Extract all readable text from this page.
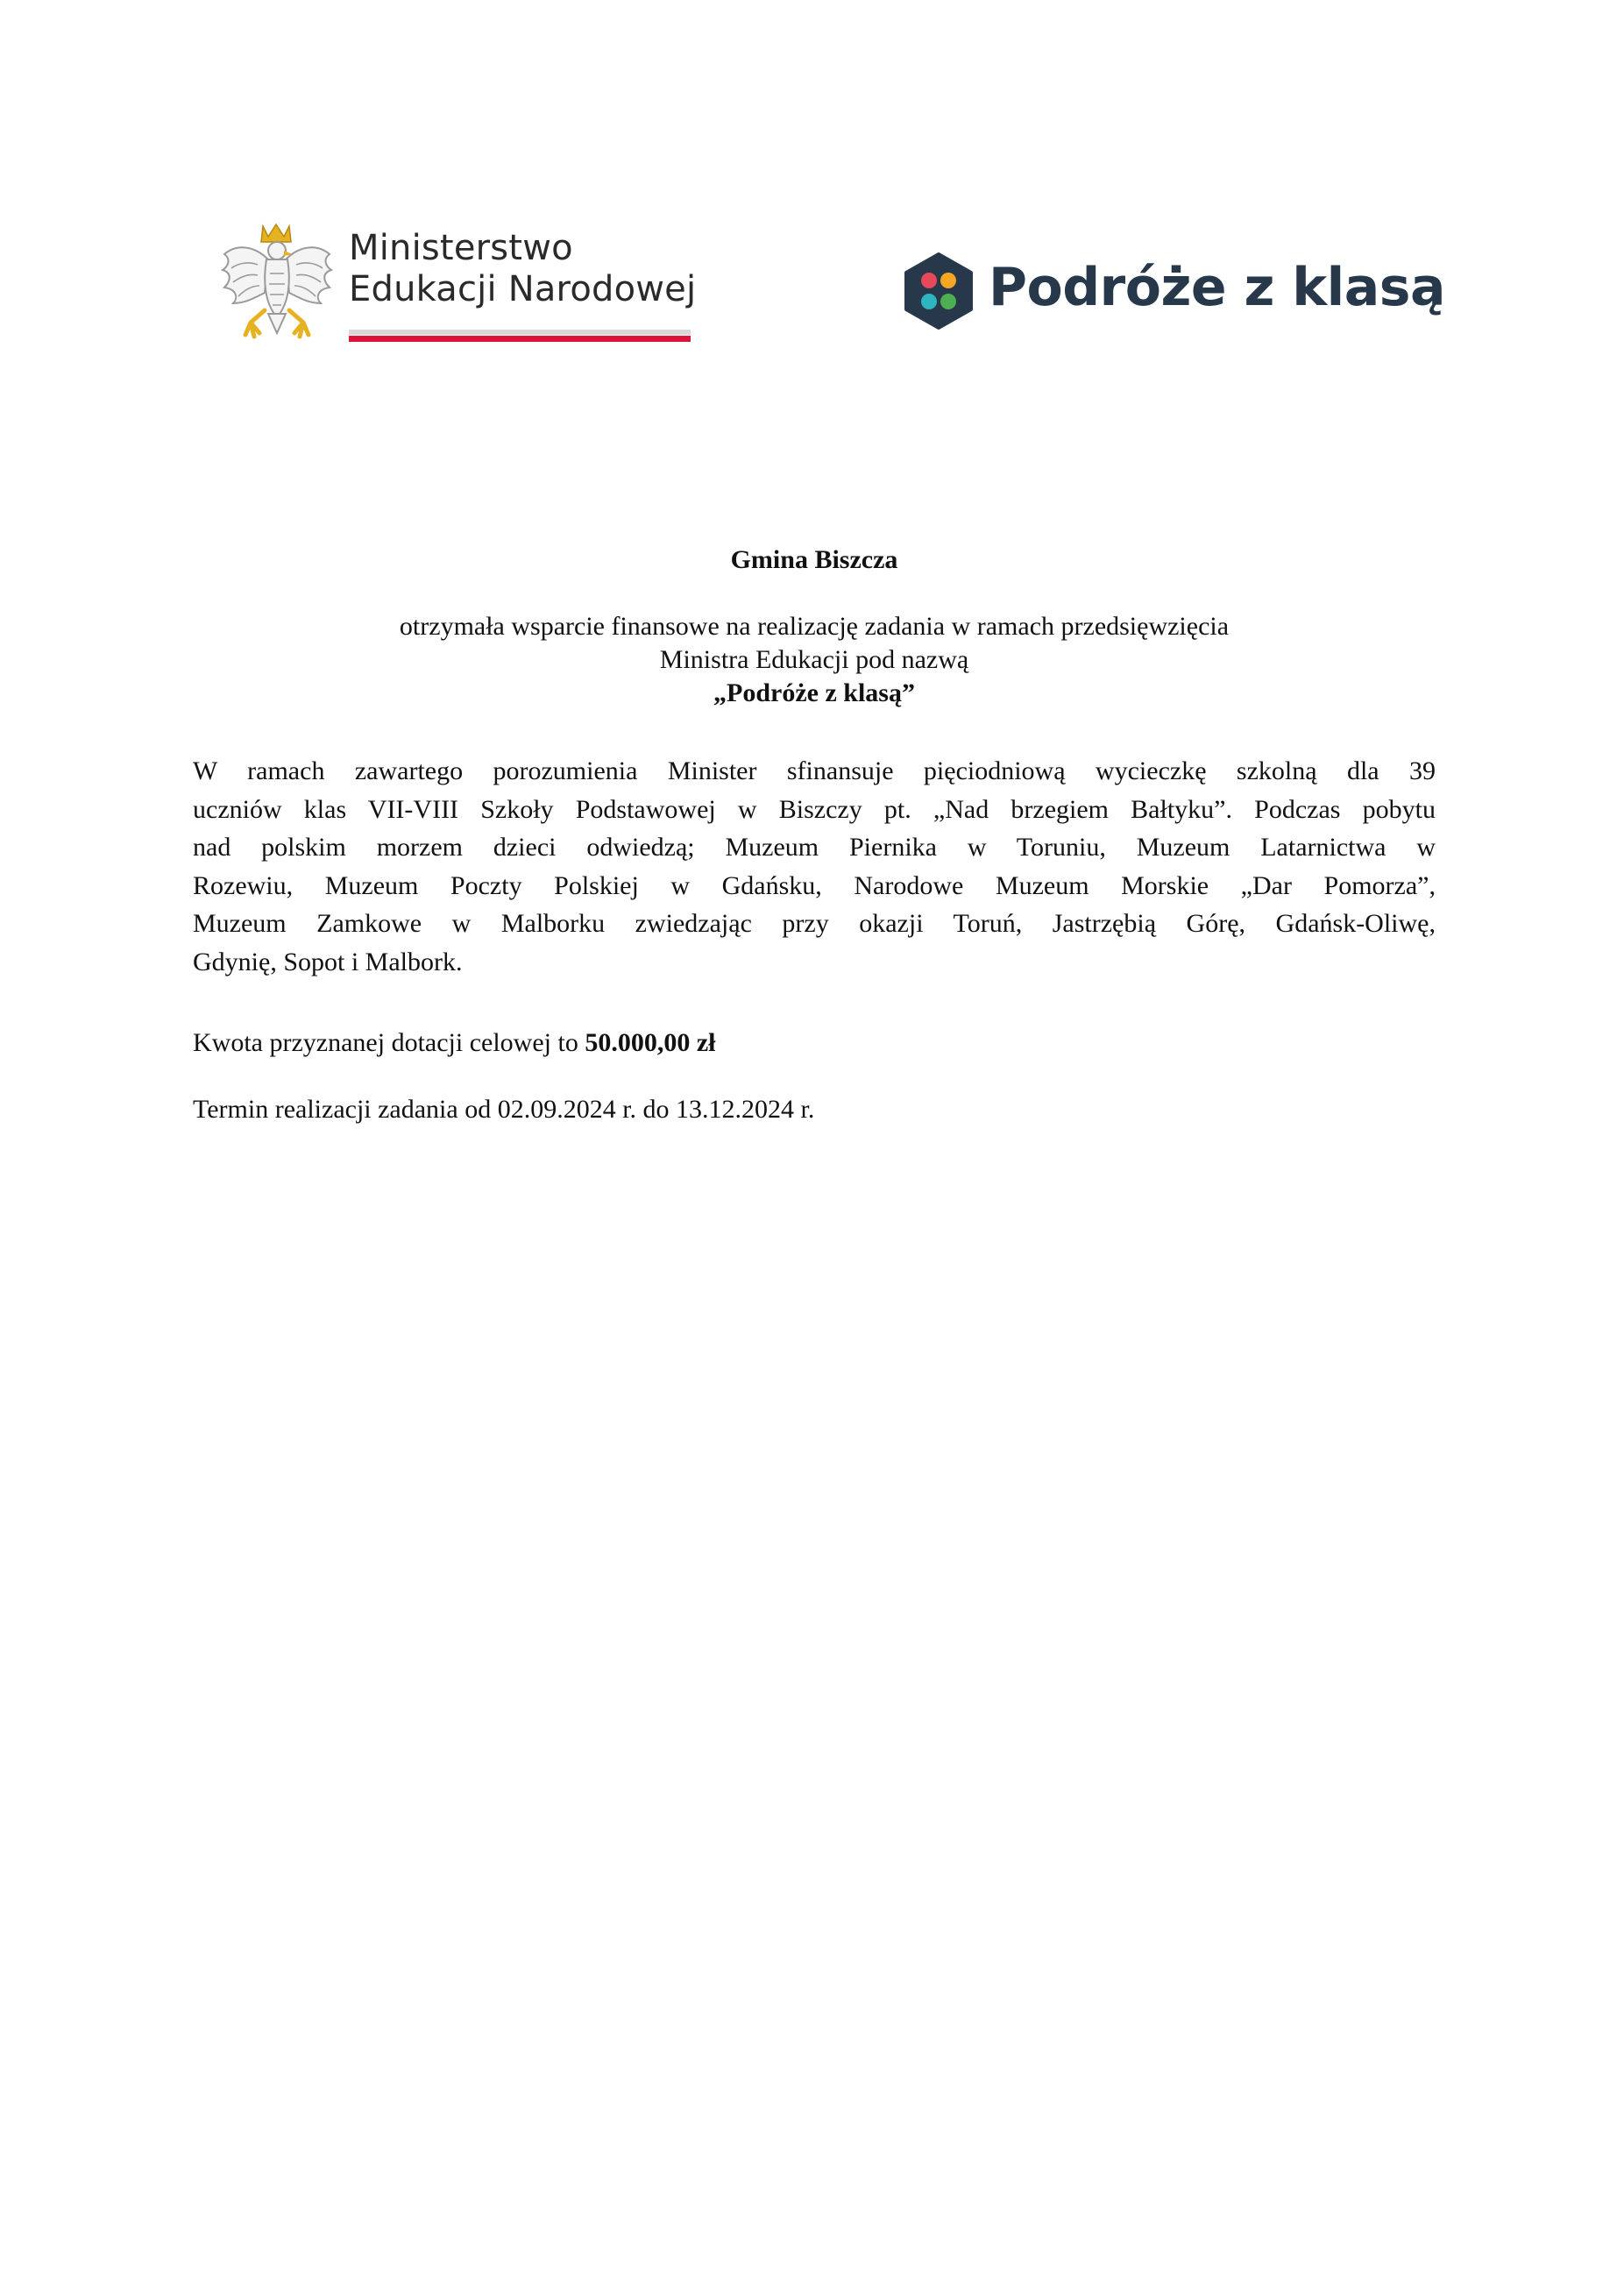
Ministerstwo
Edukacji Narodowej	Podróże z klasą
Gmina Biszcza
otrzymała wsparcie finansowe na realizację zadania w ramach przedsięwzięcia
Ministra Edukacji pod nazwą
„Podróże z klasą”
W ramach zawartego porozumienia Minister sfinansuje pięciodniową wycieczkę szkolną dla 39
uczniów klas VII-VIII Szkoły Podstawowej w Biszczy pt. „Nad brzegiem Bałtyku”. Podczas pobytu
nad polskim morzem dzieci odwiedzą; Muzeum Piernika w Toruniu, Muzeum Latarnictwa w
Rozewiu, Muzeum Poczty Polskiej w Gdańsku, Narodowe Muzeum Morskie „Dar Pomorza”,
Muzeum Zamkowe w Malborku zwiedzając przy okazji Toruń, Jastrzębią Górę, Gdańsk-Oliwę,
Gdynię, Sopot i Malbork.
Kwota przyznanej dotacji celowej to 50.000,00 zł
Termin realizacji zadania od 02.09.2024 r. do 13.12.2024 r.
